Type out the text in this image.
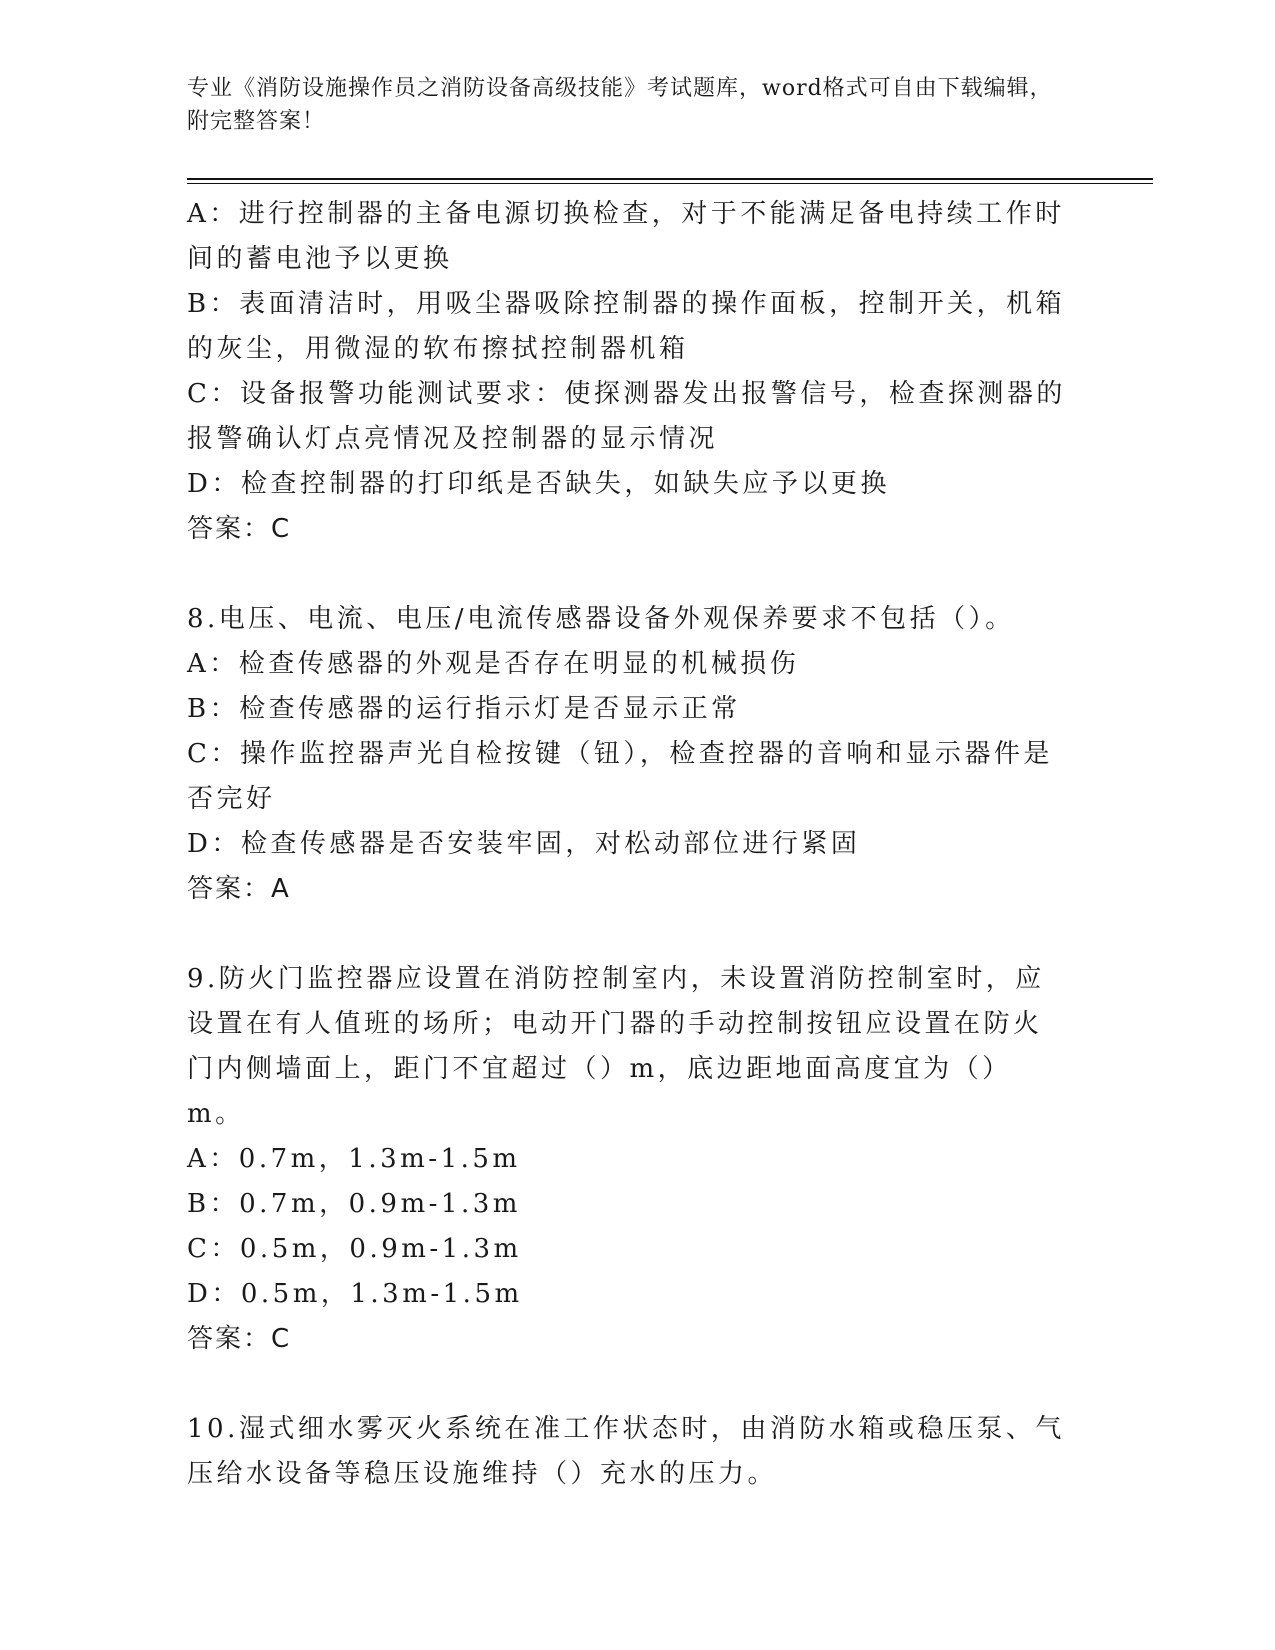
专业《消防设施操作员之消防设备高级技能》考试题库，word格式可自由下载编辑，附完整答案！
A：进行控制器的主备电源切换检查，对于不能满足备电持续工作时间的蓄电池予以更换
B：表面清洁时，用吸尘器吸除控制器的操作面板，控制开关，机箱的灰尘，用微湿的软布擦拭控制器机箱
C：设备报警功能测试要求：使探测器发出报警信号，检查探测器的报警确认灯点亮情况及控制器的显示情况
D：检查控制器的打印纸是否缺失，如缺失应予以更换
答案：C
8.电压、电流、电压/电流传感器设备外观保养要求不包括（）。
A：检查传感器的外观是否存在明显的机械损伤
B：检查传感器的运行指示灯是否显示正常
C：操作监控器声光自检按键（钮），检查控器的音响和显示器件是否完好
D：检查传感器是否安装牢固，对松动部位进行紧固
答案：A
9.防火门监控器应设置在消防控制室内，未设置消防控制室时，应设置在有人值班的场所；电动开门器的手动控制按钮应设置在防火门内侧墙面上，距门不宜超过（）m，底边距地面高度宜为（）m。
A：0.7m，1.3m-1.5m
B：0.7m，0.9m-1.3m
C：0.5m，0.9m-1.3m
D：0.5m，1.3m-1.5m
答案：C
10.湿式细水雾灭火系统在准工作状态时，由消防水箱或稳压泵、气压给水设备等稳压设施维持（）充水的压力。
